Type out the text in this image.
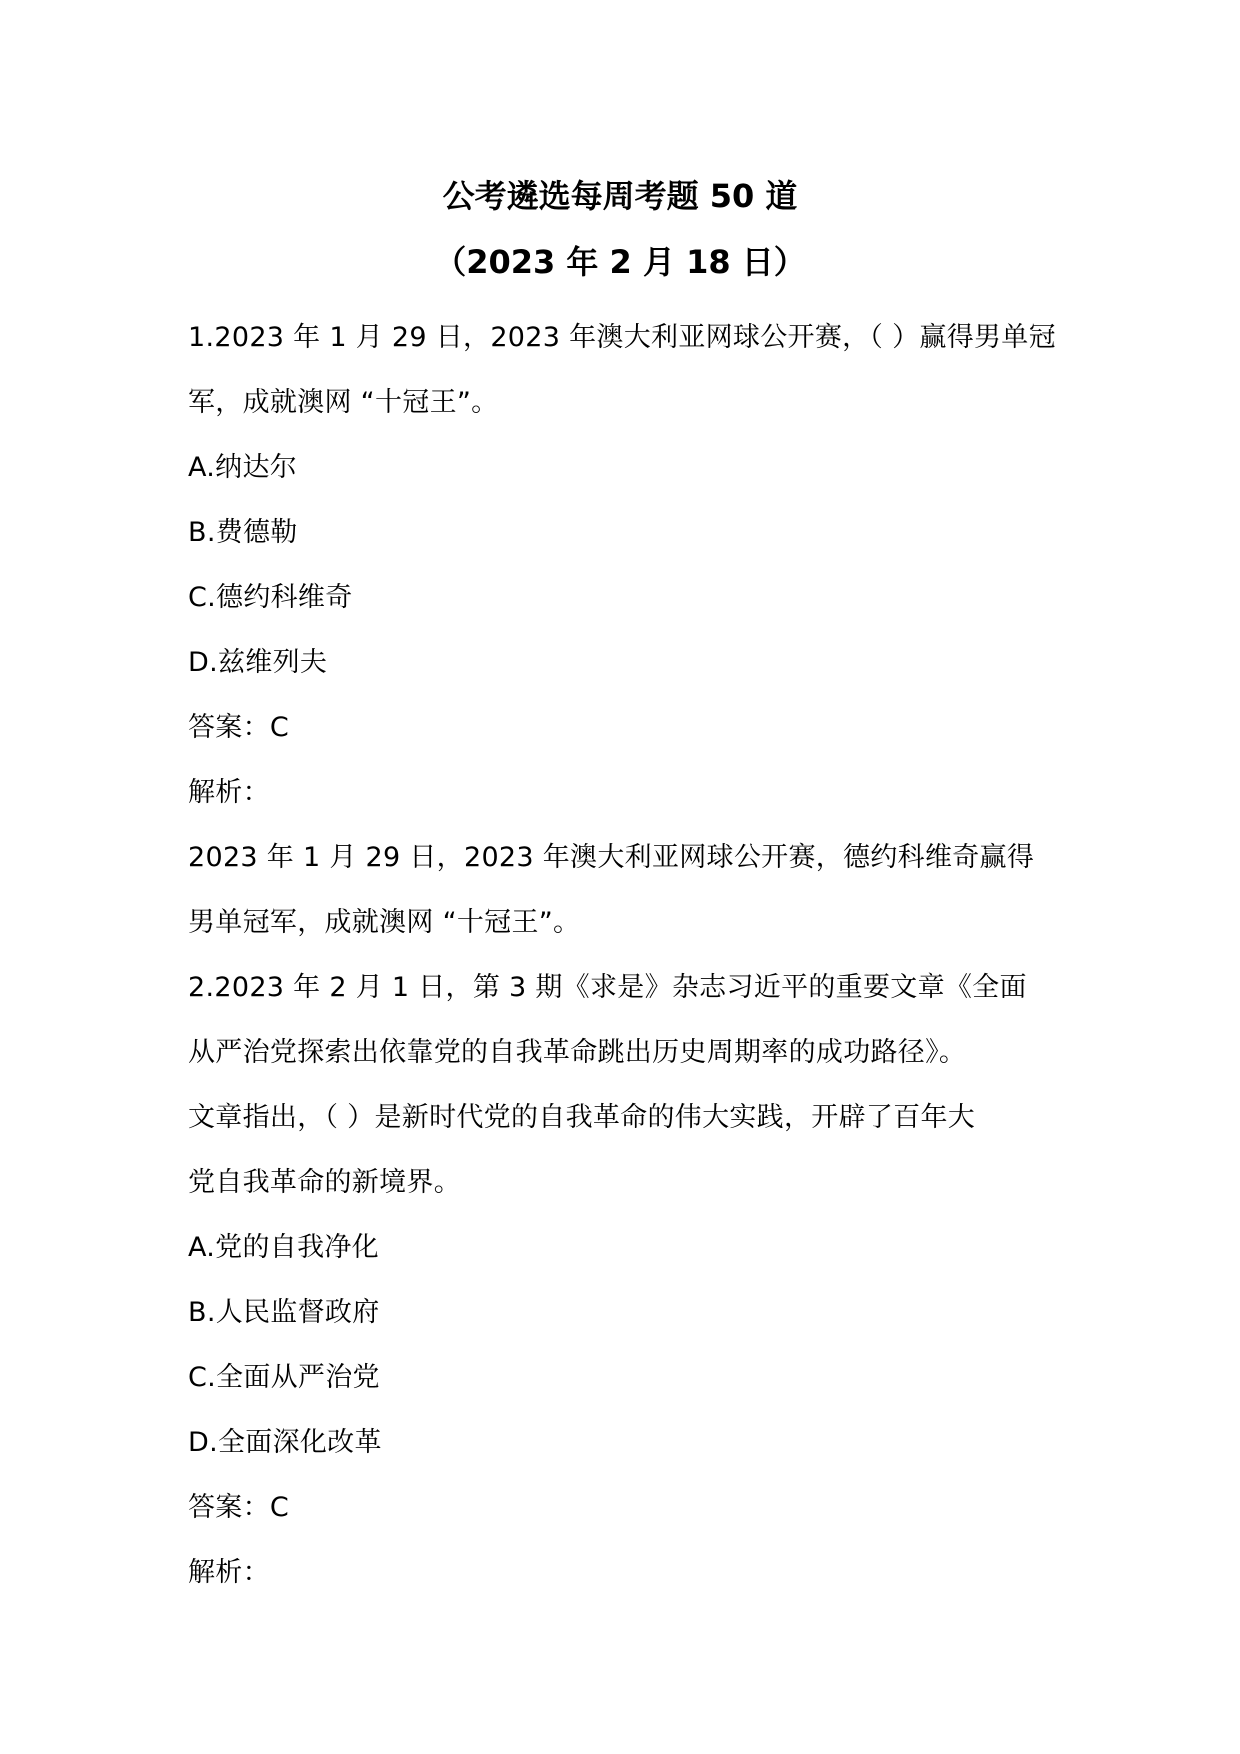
公考遴选每周考题 50 道
（2023 年 2 月 18 日）

1.2023 年 1 月 29 日，2023 年澳大利亚网球公开赛，（ ）赢得男单冠

军，成就澳网 “十冠王”。

A.纳达尔

B.费德勒

C.德约科维奇

D.兹维列夫

答案：C

解析：

2023 年 1 月 29 日，2023 年澳大利亚网球公开赛，德约科维奇赢得

男单冠军，成就澳网 “十冠王”。

2.2023 年 2 月 1 日，第 3 期《求是》杂志习近平的重要文章《全面

从严治党探索出依靠党的自我革命跳出历史周期率的成功路径》。

文章指出，（ ）是新时代党的自我革命的伟大实践，开辟了百年大

党自我革命的新境界。

A.党的自我净化

B.人民监督政府

C.全面从严治党

D.全面深化改革

答案：C

解析：
